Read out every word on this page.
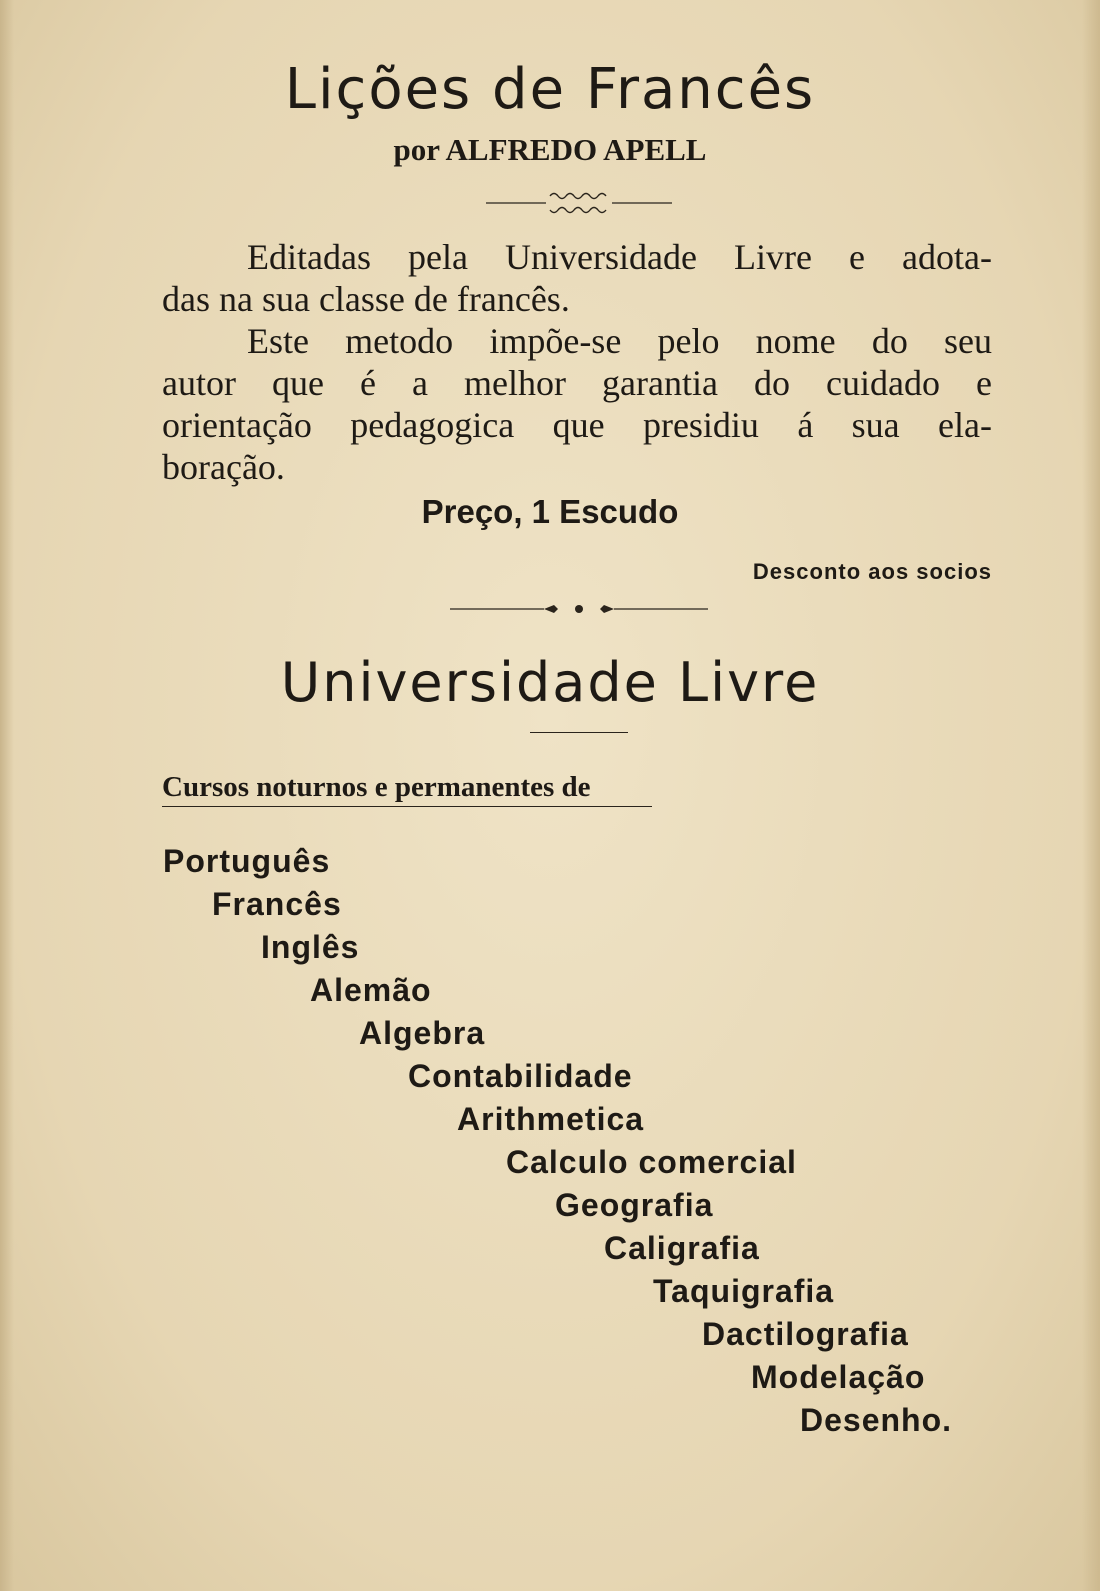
Lições de Francês
por ALFREDO APELL
Editadas pela Universidade Livre e adota-
das na sua classe de francês.
Este metodo impõe-se pelo nome do seu
autor que é a melhor garantia do cuidado e
orientação pedagogica que presidiu á sua ela-
boração.
Preço, 1 Escudo
Desconto aos socios
Universidade Livre
Cursos noturnos e permanentes de
Português
Francês
Inglês
Alemão
Algebra
Contabilidade
Arithmetica
Calculo comercial
Geografia
Caligrafia
Taquigrafia
Dactilografia
Modelação
Desenho.
